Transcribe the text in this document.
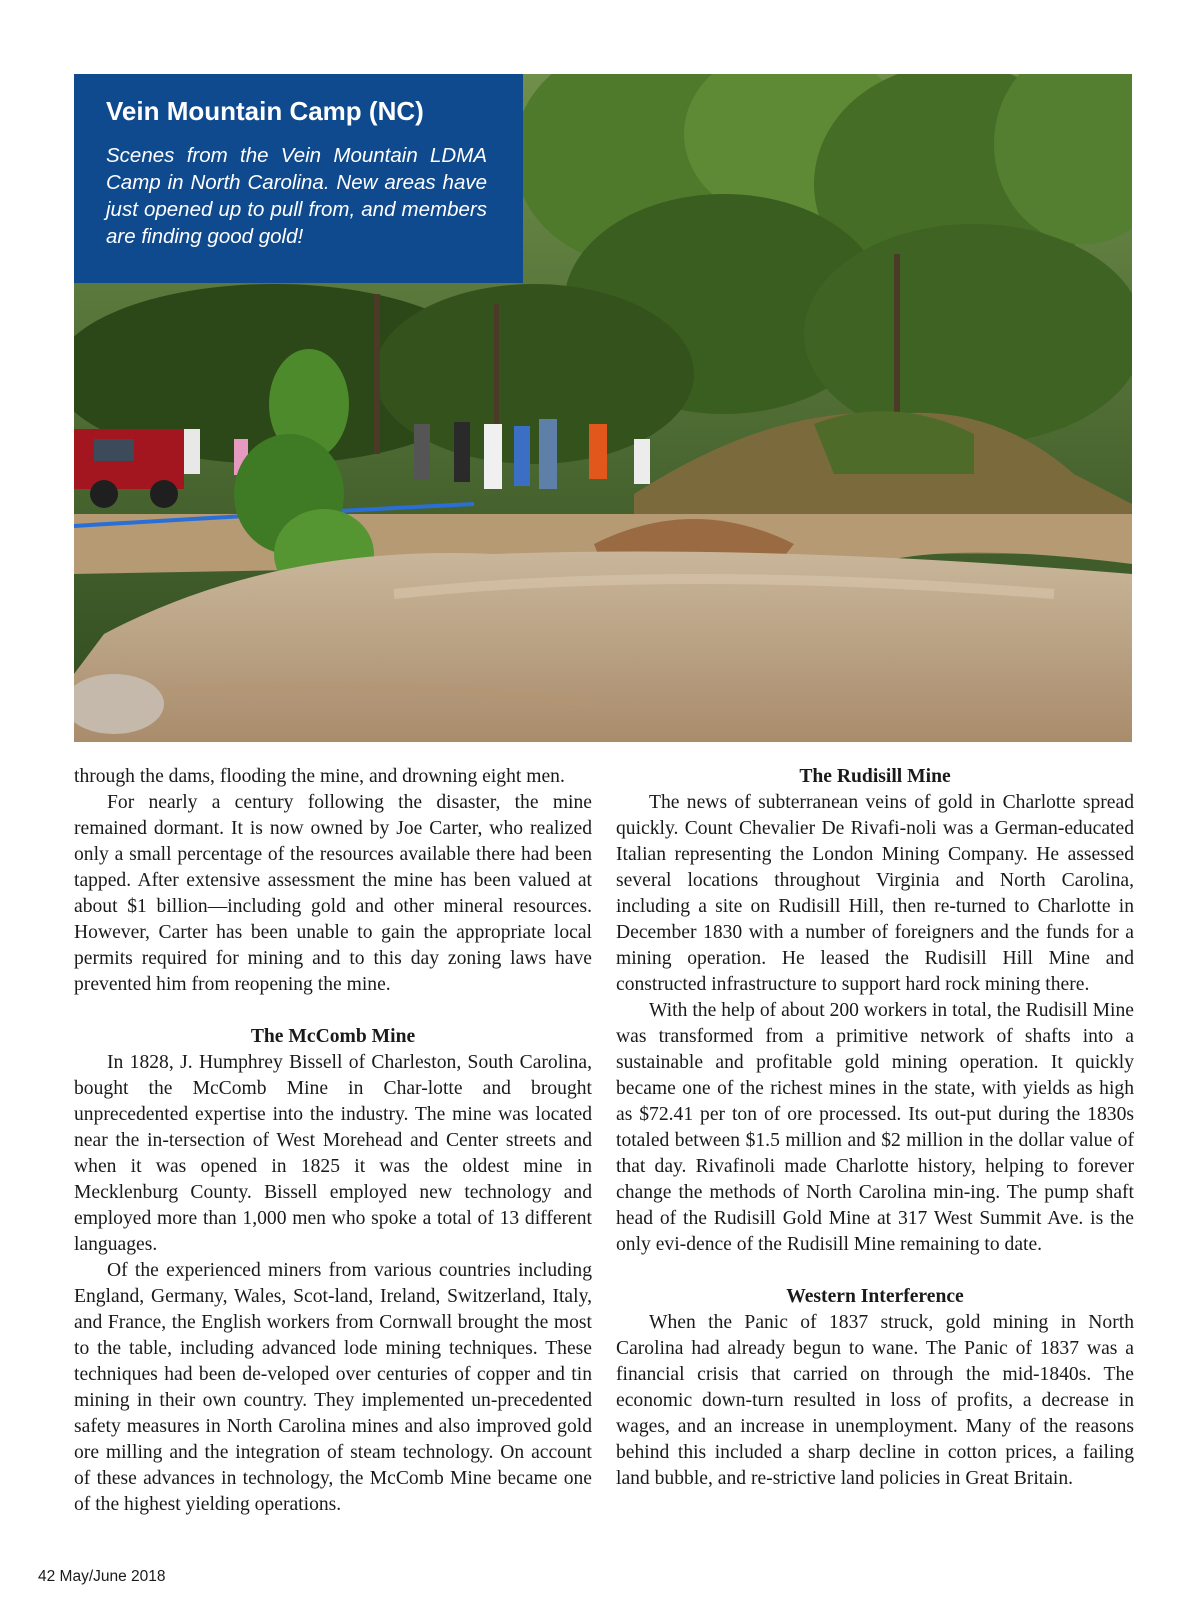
Vein Mountain Camp (NC)

Scenes from the Vein Mountain LDMA Camp in North Carolina. New areas have just opened up to pull from, and members are finding good gold!

through the dams, flooding the mine, and drowning eight men.

For nearly a century following the disaster, the mine remained dormant. It is now owned by Joe Carter, who realized only a small percentage of the resources available there had been tapped. After extensive assessment the mine has been valued at about $1 billion—including gold and other mineral resources. However, Carter has been unable to gain the appropriate local permits required for mining and to this day zoning laws have prevented him from reopening the mine.

The McComb Mine

In 1828, J. Humphrey Bissell of Charleston, South Carolina, bought the McComb Mine in Char-lotte and brought unprecedented expertise into the industry. The mine was located near the in-tersection of West Morehead and Center streets and when it was opened in 1825 it was the oldest mine in Mecklenburg County. Bissell employed new technology and employed more than 1,000 men who spoke a total of 13 different languages.

Of the experienced miners from various countries including England, Germany, Wales, Scot-land, Ireland, Switzerland, Italy, and France, the English workers from Cornwall brought the most to the table, including advanced lode mining techniques. These techniques had been de-veloped over centuries of copper and tin mining in their own country. They implemented un-precedented safety measures in North Carolina mines and also improved gold ore milling and the integration of steam technology. On account of these advances in technology, the McComb Mine became one of the highest yielding operations.

The Rudisill Mine

The news of subterranean veins of gold in Charlotte spread quickly. Count Chevalier De Rivafi-noli was a German-educated Italian representing the London Mining Company. He assessed several locations throughout Virginia and North Carolina, including a site on Rudisill Hill, then re-turned to Charlotte in December 1830 with a number of foreigners and the funds for a mining operation. He leased the Rudisill Hill Mine and constructed infrastructure to support hard rock mining there.

With the help of about 200 workers in total, the Rudisill Mine was transformed from a primitive network of shafts into a sustainable and profitable gold mining operation. It quickly became one of the richest mines in the state, with yields as high as $72.41 per ton of ore processed. Its out-put during the 1830s totaled between $1.5 million and $2 million in the dollar value of that day. Rivafinoli made Charlotte history, helping to forever change the methods of North Carolina min-ing. The pump shaft head of the Rudisill Gold Mine at 317 West Summit Ave. is the only evi-dence of the Rudisill Mine remaining to date.

Western Interference

When the Panic of 1837 struck, gold mining in North Carolina had already begun to wane. The Panic of 1837 was a financial crisis that carried on through the mid-1840s. The economic down-turn resulted in loss of profits, a decrease in wages, and an increase in unemployment. Many of the reasons behind this included a sharp decline in cotton prices, a failing land bubble, and re-strictive land policies in Great Britain.

42 May/June 2018
